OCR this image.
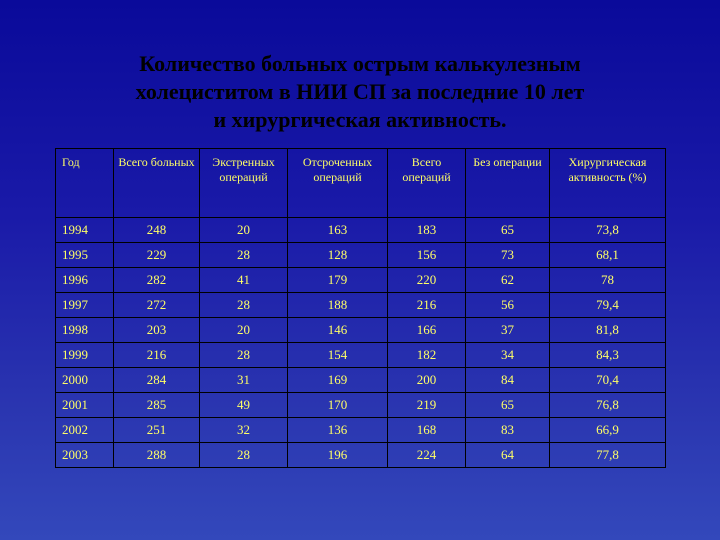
Количество больных острым калькулезным
холециститом в НИИ СП за последние 10 лет
и хирургическая активность.
Год	Всего больных	Экстренных операций	Отсроченных операций	Всего операций	Без операции	Хирургическая активность (%)
1994	248	20	163	183	65	73,8
1995	229	28	128	156	73	68,1
1996	282	41	179	220	62	78
1997	272	28	188	216	56	79,4
1998	203	20	146	166	37	81,8
1999	216	28	154	182	34	84,3
2000	284	31	169	200	84	70,4
2001	285	49	170	219	65	76,8
2002	251	32	136	168	83	66,9
2003	288	28	196	224	64	77,8
